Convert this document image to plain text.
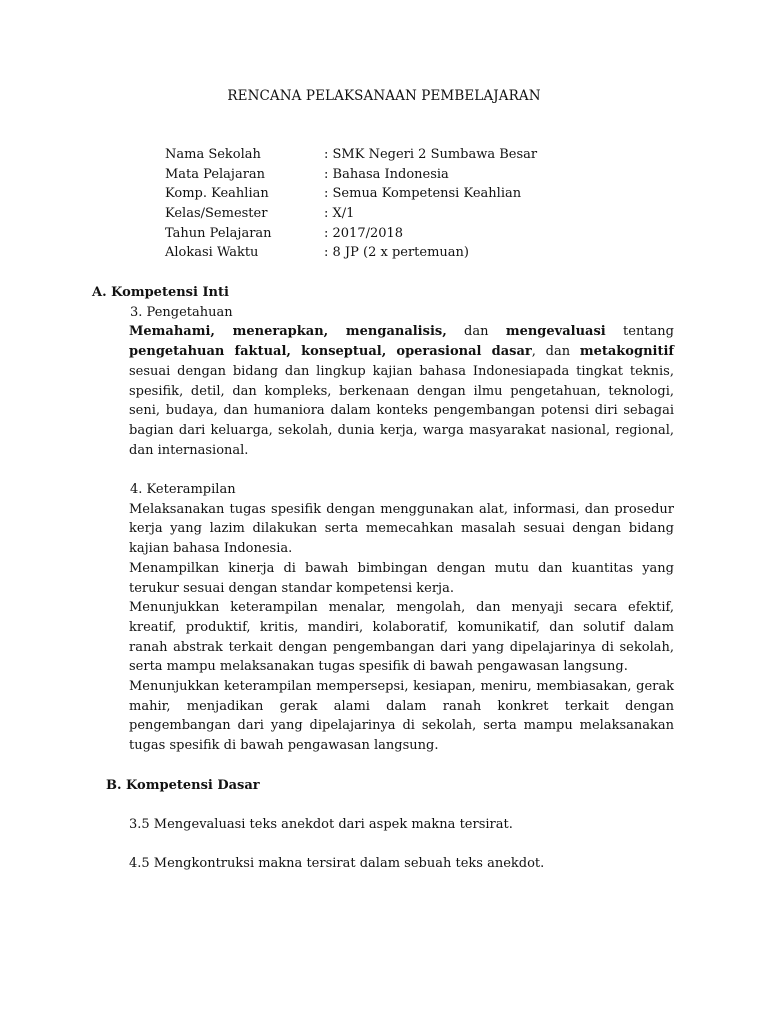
RENCANA PELAKSANAAN PEMBELAJARAN
Nama Sekolah	: SMK Negeri 2 Sumbawa Besar
Mata Pelajaran	: Bahasa Indonesia
Komp. Keahlian	: Semua Kompetensi Keahlian
Kelas/Semester	: X/1
Tahun Pelajaran	: 2017/2018
Alokasi Waktu	: 8 JP (2 x pertemuan)
A. Kompetensi Inti
3. Pengetahuan
Memahami, menerapkan, menganalisis, dan mengevaluasi tentang pengetahuan faktual, konseptual, operasional dasar, dan metakognitif sesuai dengan bidang dan lingkup kajian bahasa Indonesiapada tingkat teknis, spesifik, detil, dan kompleks, berkenaan dengan ilmu pengetahuan, teknologi, seni, budaya, dan humaniora dalam konteks pengembangan potensi diri sebagai bagian dari keluarga, sekolah, dunia kerja, warga masyarakat nasional, regional, dan internasional.
4. Keterampilan
Melaksanakan tugas spesifik dengan menggunakan alat, informasi, dan prosedur kerja yang lazim dilakukan serta memecahkan masalah sesuai dengan bidang kajian bahasa Indonesia.
Menampilkan kinerja di bawah bimbingan dengan mutu dan kuantitas yang terukur sesuai dengan standar kompetensi kerja.
Menunjukkan keterampilan menalar, mengolah, dan menyaji secara efektif, kreatif, produktif, kritis, mandiri, kolaboratif, komunikatif, dan solutif dalam ranah abstrak terkait dengan pengembangan dari yang dipelajarinya di sekolah, serta mampu melaksanakan tugas spesifik di bawah pengawasan langsung.
Menunjukkan keterampilan mempersepsi, kesiapan, meniru, membiasakan, gerak mahir, menjadikan gerak alami dalam ranah konkret terkait dengan pengembangan dari yang dipelajarinya di sekolah, serta mampu melaksanakan tugas spesifik di bawah pengawasan langsung.
B. Kompetensi Dasar
3.5 Mengevaluasi teks anekdot dari aspek makna tersirat.
4.5 Mengkontruksi makna tersirat dalam sebuah teks anekdot.
